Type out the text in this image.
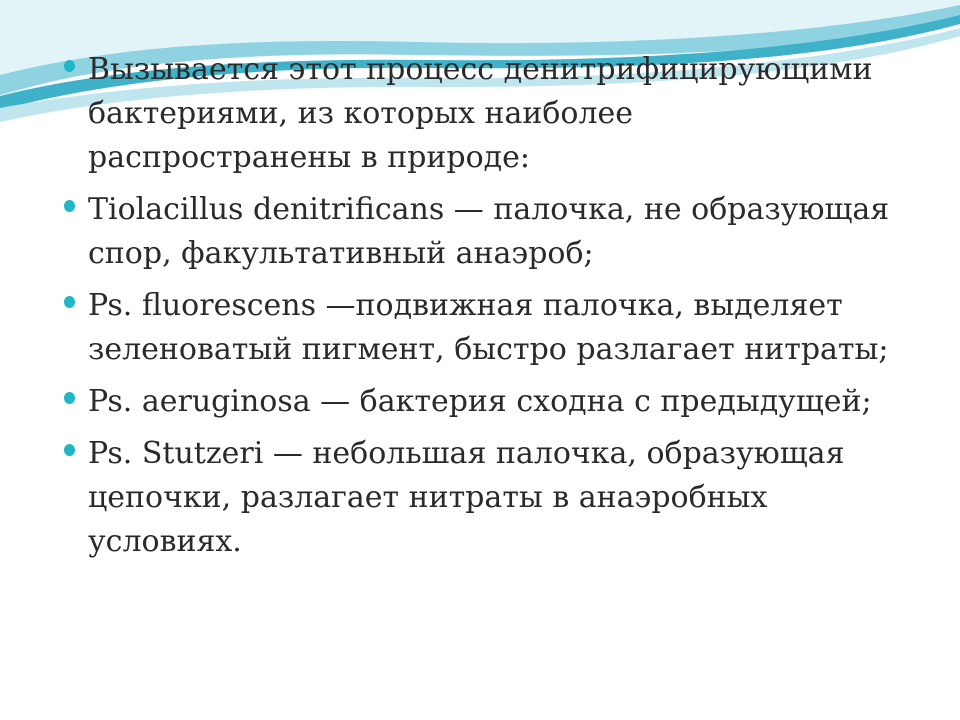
Вызывается этот процесс денитрифицирующими бактериями, из которых наиболее распространены в природе:
Tiolacillus denitrificans — палочка, не образующая спор, факультативный анаэроб;
Ps. fluorescens —подвижная палочка, выделяет зеленоватый пигмент, быстро разлагает нитраты;
Ps. aeruginosa — бактерия сходна с предыдущей;
Ps. Stutzeri — небольшая палочка, образующая цепочки, разлагает нитраты в анаэробных условиях.
